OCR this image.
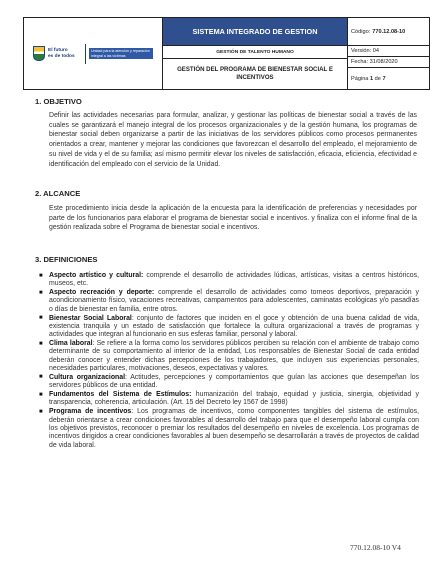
El futuro
es de todos
Unidad para la atención y reparación integral a las víctimas
SISTEMA INTEGRADO DE GESTION
GESTIÓN DE TALENTO HUMANO
GESTIÓN DEL PROGRAMA DE BIENESTAR SOCIAL E INCENTIVOS
Código: 770.12.08-10
Versión: 04
Fecha: 31/08/2020
Página
1
de
7
1. OBJETIVO

Definir las actividades necesarias para formular, analizar, y gestionar las políticas de bienestar social a través de las cuales se garantizará el manejo integral de los procesos organizacionales y de la gestión humana, los programas de bienestar social deben organizarse a partir de las iniciativas de los servidores públicos como procesos permanentes orientados a crear, mantener y mejorar las condiciones que favorezcan el desarrollo del empleado, el mejoramiento de su nivel de vida y el de su familia; así mismo permitir elevar los niveles de satisfacción, eficacia, eficiencia, efectividad e identificación del empleado con el servicio de la Unidad.

2. ALCANCE

Este procedimiento inicia desde la aplicación de la encuesta para la identificación de preferencias y necesidades por parte de los funcionarios para elaborar el programa de bienestar social e incentivos. y finaliza con el informe final de la gestión realizada sobre el Programa de bienestar social e incentivos.

3. DEFINICIONES
■ Aspecto artístico y cultural: comprende el desarrollo de actividades lúdicas, artísticas, visitas a centros históricos, museos, etc.
■ Aspecto recreación y deporte: comprende el desarrollo de actividades como torneos deportivos, preparación y acondicionamiento físico, vacaciones recreativas, campamentos para adolescentes, caminatas ecológicas y/o pasadías o días de bienestar en familia, entre otros.
■ Bienestar Social Laboral: conjunto de factores que inciden en el goce y obtención de una buena calidad de vida, existencia tranquila y un estado de satisfacción que fortalece la cultura organizacional a través de programas y actividades que integran al funcionario en sus esferas familiar, personal y laboral.
■ Clima laboral: Se refiere a la forma como los servidores públicos perciben su relación con el ambiente de trabajo como determinante de su comportamiento al interior de la entidad, Los responsables de Bienestar Social de cada entidad deberán conocer y entender dichas percepciones de los trabajadores, que incluyen sus experiencias personales, necesidades particulares, motivaciones, deseos, expectativas y valores.
■ Cultura organizacional: Actitudes, percepciones y comportamientos que guían las acciones que desempeñan los servidores públicos de una entidad.
■ Fundamentos del Sistema de Estímulos: humanización del trabajo, equidad y justicia, sinergia, objetividad y transparencia, coherencia, articulación. (Art. 15 del Decreto ley 1567 de 1998)
■ Programa de incentivos: Los programas de incentivos, como componentes tangibles del sistema de estímulos, deberán orientarse a crear condiciones favorables al desarrollo del trabajo para que el desempeño laboral cumpla con los objetivos previstos, reconocer o premiar los resultados del desempeño en niveles de excelencia. Los programas de incentivos dirigidos a crear condiciones favorables al buen desempeño se desarrollarán a través de proyectos de calidad de vida laboral.
770.12.08-10 V4
